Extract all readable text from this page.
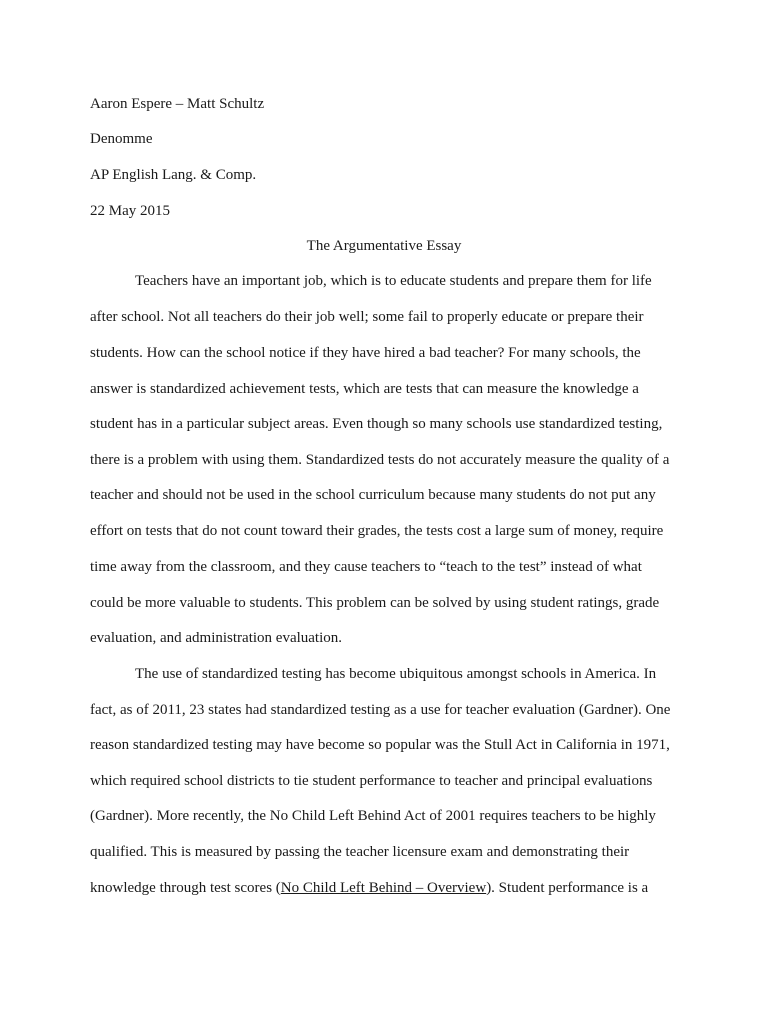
Aaron Espere – Matt Schultz
Denomme
AP English Lang. & Comp.
22 May 2015
The Argumentative Essay
Teachers have an important job, which is to educate students and prepare them for life
after school. Not all teachers do their job well; some fail to properly educate or prepare their
students. How can the school notice if they have hired a bad teacher? For many schools, the
answer is standardized achievement tests, which are tests that can measure the knowledge a
student has in a particular subject areas. Even though so many schools use standardized testing,
there is a problem with using them. Standardized tests do not accurately measure the quality of a
teacher and should not be used in the school curriculum because many students do not put any
effort on tests that do not count toward their grades, the tests cost a large sum of money, require
time away from the classroom, and they cause teachers to “teach to the test” instead of what
could be more valuable to students. This problem can be solved by using student ratings, grade
evaluation, and administration evaluation.
The use of standardized testing has become ubiquitous amongst schools in America. In
fact, as of 2011, 23 states had standardized testing as a use for teacher evaluation (Gardner). One
reason standardized testing may have become so popular was the Stull Act in California in 1971,
which required school districts to tie student performance to teacher and principal evaluations
(Gardner). More recently, the No Child Left Behind Act of 2001 requires teachers to be highly
qualified. This is measured by passing the teacher licensure exam and demonstrating their
knowledge through test scores (No Child Left Behind – Overview). Student performance is a
